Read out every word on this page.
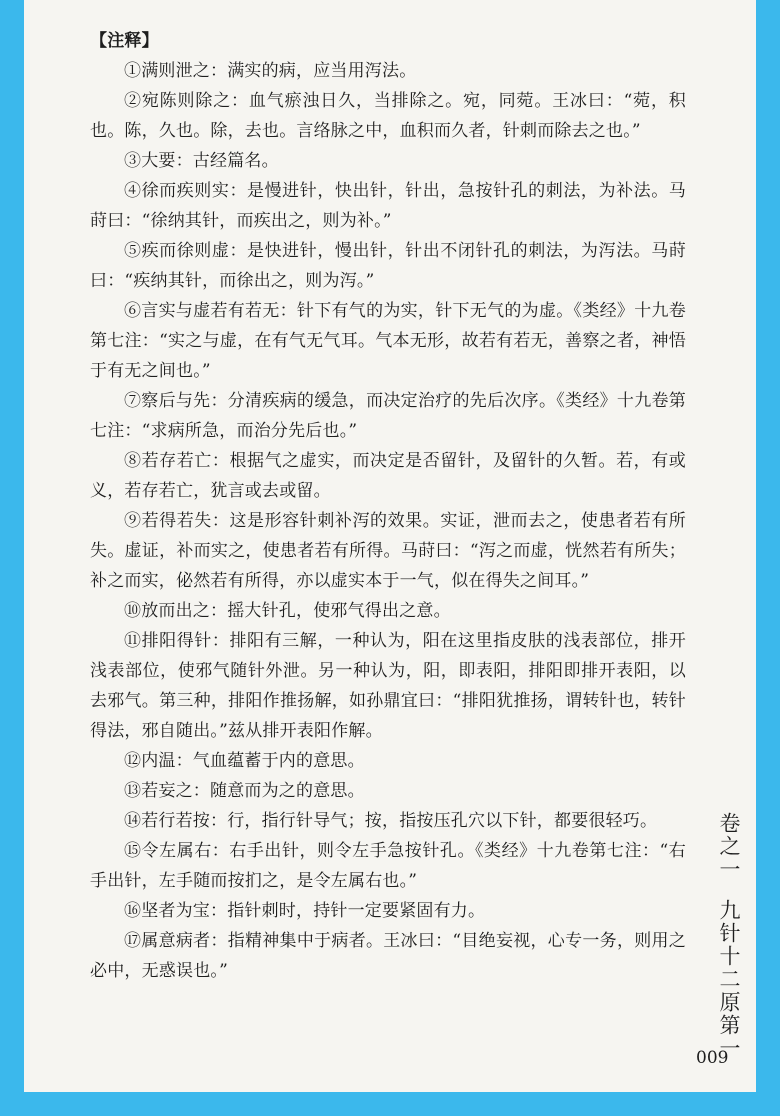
【注释】

①满则泄之：满实的病，应当用泻法。

②宛陈则除之：血气瘀浊日久，当排除之。宛，同菀。王冰曰：“菀，积也。陈，久也。除，去也。言络脉之中，血积而久者，针刺而除去之也。”

③大要：古经篇名。

④徐而疾则实：是慢进针，快出针，针出，急按针孔的刺法，为补法。马莳曰：“徐纳其针，而疾出之，则为补。”

⑤疾而徐则虚：是快进针，慢出针，针出不闭针孔的刺法，为泻法。马莳曰：“疾纳其针，而徐出之，则为泻。”

⑥言实与虚若有若无：针下有气的为实，针下无气的为虚。《类经》十九卷第七注：“实之与虚，在有气无气耳。气本无形，故若有若无，善察之者，神悟于有无之间也。”

⑦察后与先：分清疾病的缓急，而决定治疗的先后次序。《类经》十九卷第七注：“求病所急，而治分先后也。”

⑧若存若亡：根据气之虚实，而决定是否留针，及留针的久暂。若，有或义，若存若亡，犹言或去或留。

⑨若得若失：这是形容针刺补泻的效果。实证，泄而去之，使患者若有所失。虚证，补而实之，使患者若有所得。马莳曰：“泻之而虚，恍然若有所失；补之而实，佖然若有所得，亦以虚实本于一气，似在得失之间耳。”

⑩放而出之：摇大针孔，使邪气得出之意。

⑪排阳得针：排阳有三解，一种认为，阳在这里指皮肤的浅表部位，排开浅表部位，使邪气随针外泄。另一种认为，阳，即表阳，排阳即排开表阳，以去邪气。第三种，排阳作推扬解，如孙鼎宜曰：“排阳犹推扬，谓转针也，转针得法，邪自随出。”兹从排开表阳作解。

⑫内温：气血蕴蓄于内的意思。

⑬若妄之：随意而为之的意思。

⑭若行若按：行，指行针导气；按，指按压孔穴以下针，都要很轻巧。

⑮令左属右：右手出针，则令左手急按针孔。《类经》十九卷第七注：“右手出针，左手随而按扪之，是令左属右也。”

⑯坚者为宝：指针刺时，持针一定要紧固有力。

⑰属意病者：指精神集中于病者。王冰曰：“目绝妄视，心专一务，则用之必中，无惑误也。”

卷之一九针十二原第一
009
